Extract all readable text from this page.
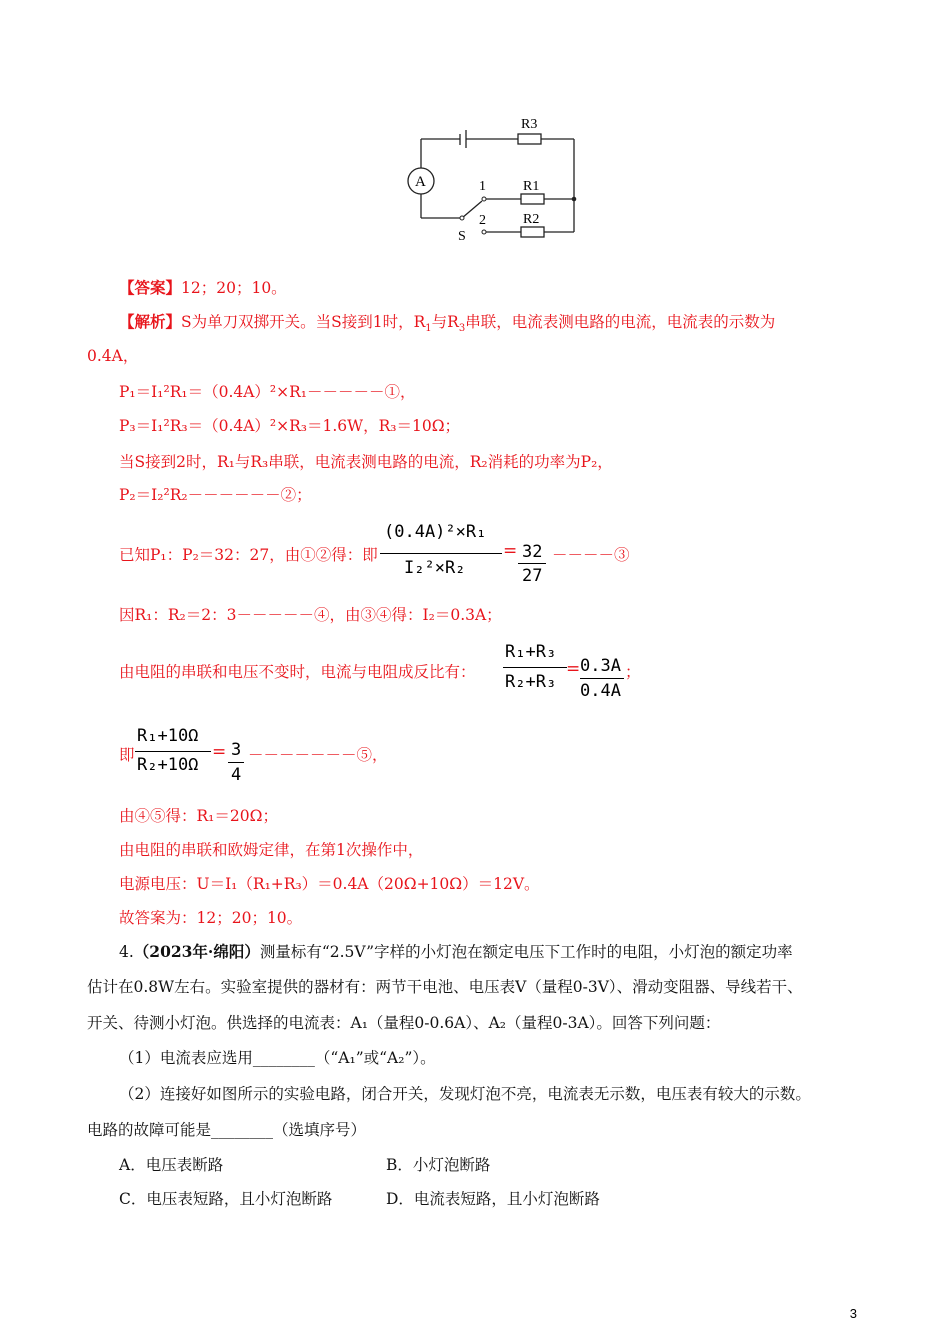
A
R3
R1
R2
1
2
S
【答案】12；20；10。
【解析】S为单刀双掷开关。当S接到1时，$R_1$与$R_3$串联，电流表测电路的电流，电流表的示数为
0.4A，
P₁＝I₁²R₁＝（0.4A）²×R₁－－－－－①，
P₃＝I₁²R₃＝（0.4A）²×R₃＝1.6W，R₃＝10Ω；
当S接到2时，R₁与R₃串联，电流表测电路的电流，R₂消耗的功率为P₂，
P₂＝I₂²R₂－－－－－－②；
已知P₁：P₂＝32：27，由①②得：即
(0.4A)²×R₁
I₂²×R₂
= 32
27
－－－－③
因R₁：R₂＝2：3－－－－－④，由③④得：I₂＝0.3A；
由电阻的串联和电压不变时，电流与电阻成反比有：
R₁+R₃
R₂+R₃
= 0.3A
0.4A
；
即
R₁+10Ω
R₂+10Ω
= 3
4
－－－－－－－⑤，
由④⑤得：R₁＝20Ω；
由电阻的串联和欧姆定律，在第1次操作中，
电源电压：U＝I₁（R₁+R₃）＝0.4A（20Ω+10Ω）＝12V。
故答案为：12；20；10。
4.（2023年·绵阳）测量标有“2.5V”字样的小灯泡在额定电压下工作时的电阻，小灯泡的额定功率
估计在0.8W左右。实验室提供的器材有：两节干电池、电压表V（量程0-3V）、滑动变阻器、导线若干、
开关、待测小灯泡。供选择的电流表：A₁（量程0-0.6A）、A₂（量程0-3A）。回答下列问题：
（1）电流表应选用________（“A₁”或“A₂”）。
（2）连接好如图所示的实验电路，闭合开关，发现灯泡不亮，电流表无示数，电压表有较大的示数。
电路的故障可能是________（选填序号）
A．电压表断路	B．小灯泡断路
C．电压表短路，且小灯泡断路	D．电流表短路，且小灯泡断路
3
